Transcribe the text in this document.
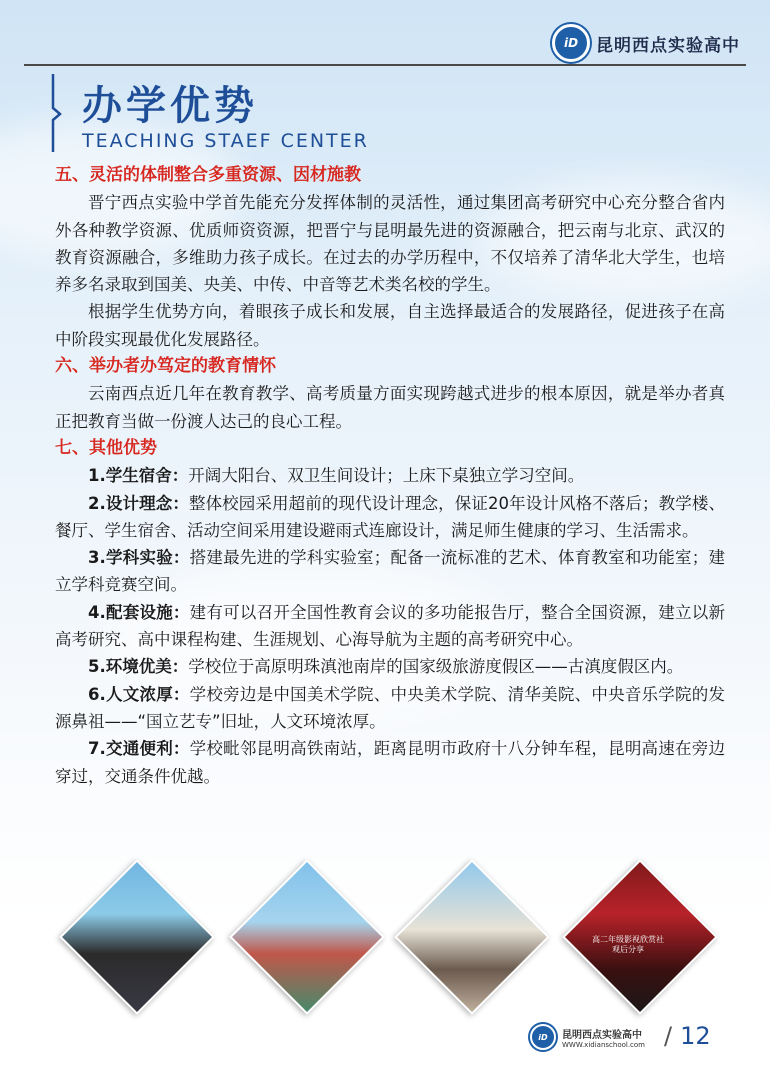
iD 昆明西点实验高中
办学优势
TEACHING STAEF CENTER

五、灵活的体制整合多重资源、因材施教

晋宁西点实验中学首先能充分发挥体制的灵活性，通过集团高考研究中心充分整合省内外各种教学资源、优质师资资源，把晋宁与昆明最先进的资源融合，把云南与北京、武汉的教育资源融合，多维助力孩子成长。在过去的办学历程中，不仅培养了清华北大学生，也培养多名录取到国美、央美、中传、中音等艺术类名校的学生。

根据学生优势方向，着眼孩子成长和发展，自主选择最适合的发展路径，促进孩子在高中阶段实现最优化发展路径。

六、举办者办笃定的教育情怀

云南西点近几年在教育教学、高考质量方面实现跨越式进步的根本原因，就是举办者真正把教育当做一份渡人达己的良心工程。

七、其他优势

1.学生宿舍：开阔大阳台、双卫生间设计；上床下桌独立学习空间。

2.设计理念：整体校园采用超前的现代设计理念，保证20年设计风格不落后；教学楼、餐厅、学生宿舍、活动空间采用建设避雨式连廊设计，满足师生健康的学习、生活需求。

3.学科实验：搭建最先进的学科实验室；配备一流标准的艺术、体育教室和功能室；建立学科竞赛空间。

4.配套设施：建有可以召开全国性教育会议的多功能报告厅，整合全国资源，建立以新高考研究、高中课程构建、生涯规划、心海导航为主题的高考研究中心。

5.环境优美：学校位于高原明珠滇池南岸的国家级旅游度假区——古滇度假区内。

6.人文浓厚：学校旁边是中国美术学院、中央美术学院、清华美院、中央音乐学院的发源鼻祖——“国立艺专”旧址，人文环境浓厚。

7.交通便利：学校毗邻昆明高铁南站，距离昆明市政府十八分钟车程，昆明高速在旁边穿过，交通条件优越。

高二年级影视欣赏社
观后分享
iD 昆明西点实验高中
WWW.xidianschool.com / 12
